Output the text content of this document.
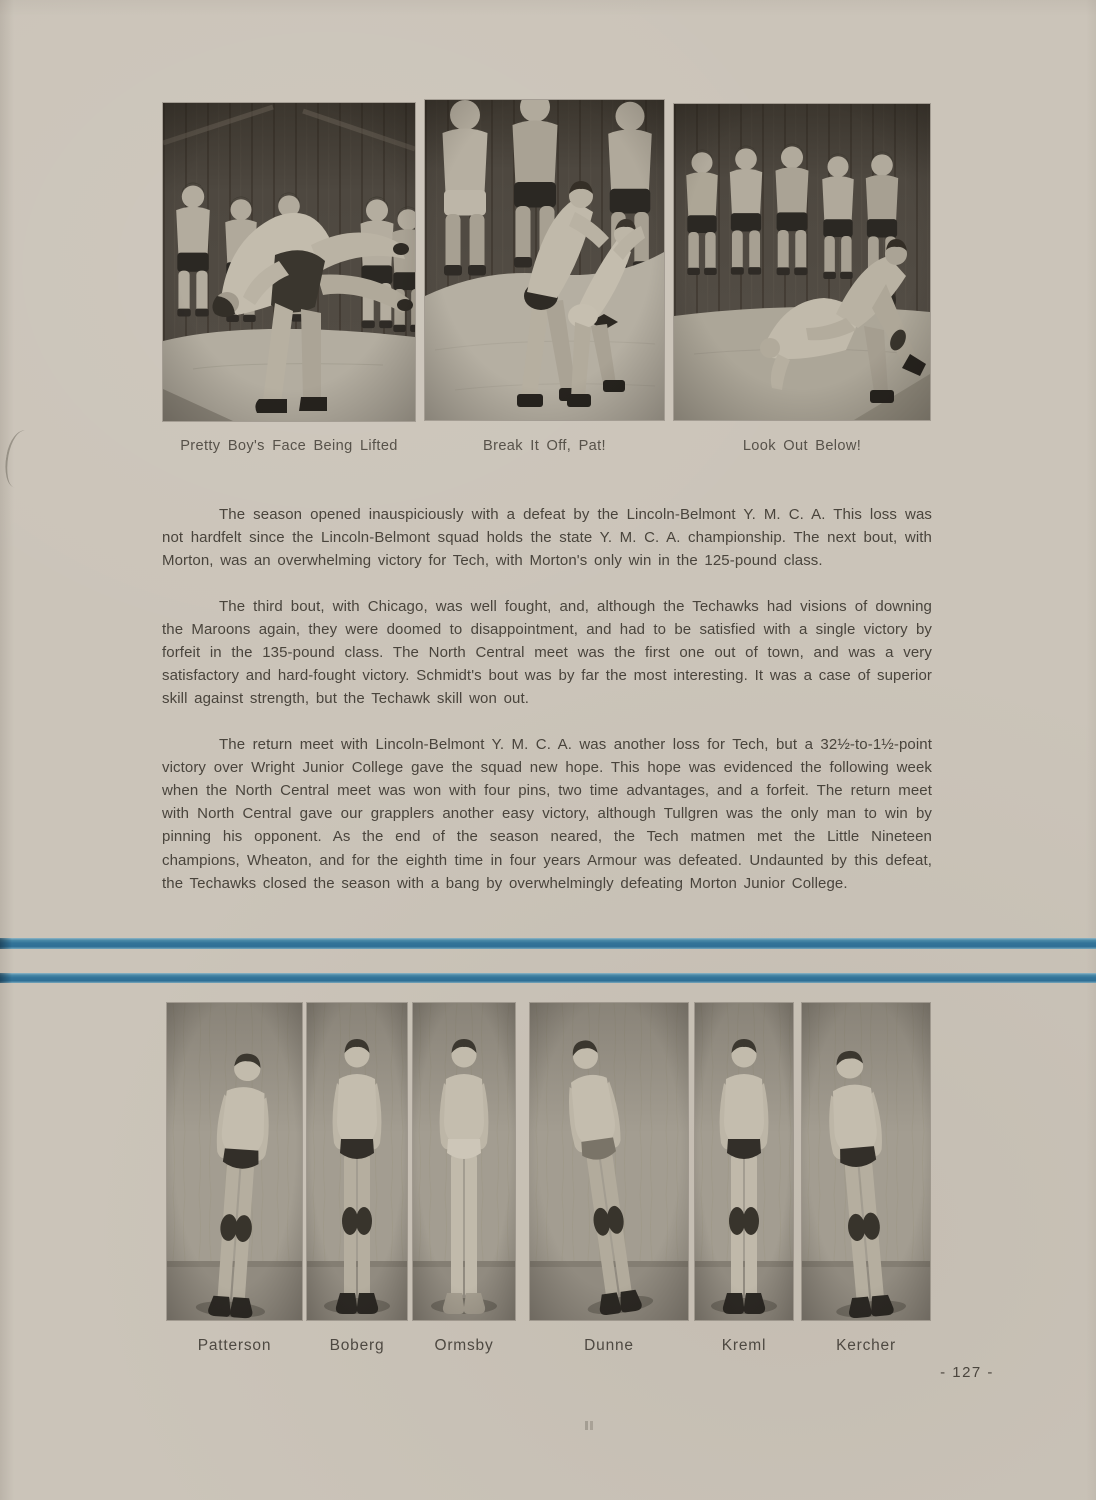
Pretty Boy's Face Being Lifted	Break It Off, Pat!	Look Out Below!

The season opened inauspiciously with a defeat by the Lincoln-Belmont Y. M. C. A. This loss was not hardfelt since the Lincoln-Belmont squad holds the state Y. M. C. A. championship. The next bout, with Morton, was an overwhelming victory for Tech, with Morton's only win in the 125-pound class.

The third bout, with Chicago, was well fought, and, although the Techawks had visions of downing the Maroons again, they were doomed to disappointment, and had to be satisfied with a single victory by forfeit in the 135-pound class. The North Central meet was the first one out of town, and was a very satisfactory and hard-fought victory. Schmidt's bout was by far the most interesting. It was a case of superior skill against strength, but the Techawk skill won out.

The return meet with Lincoln-Belmont Y. M. C. A. was another loss for Tech, but a 32½-to-1½-point victory over Wright Junior College gave the squad new hope. This hope was evidenced the following week when the North Central meet was won with four pins, two time advantages, and a forfeit. The return meet with North Central gave our grapplers another easy victory, although Tullgren was the only man to win by pinning his opponent. As the end of the season neared, the Tech matmen met the Little Nineteen champions, Wheaton, and for the eighth time in four years Armour was defeated. Undaunted by this defeat, the Techawks closed the season with a bang by overwhelmingly defeating Morton Junior College.

Patterson	Boberg	Ormsby	Dunne	Kreml	Kercher
- 127 -
